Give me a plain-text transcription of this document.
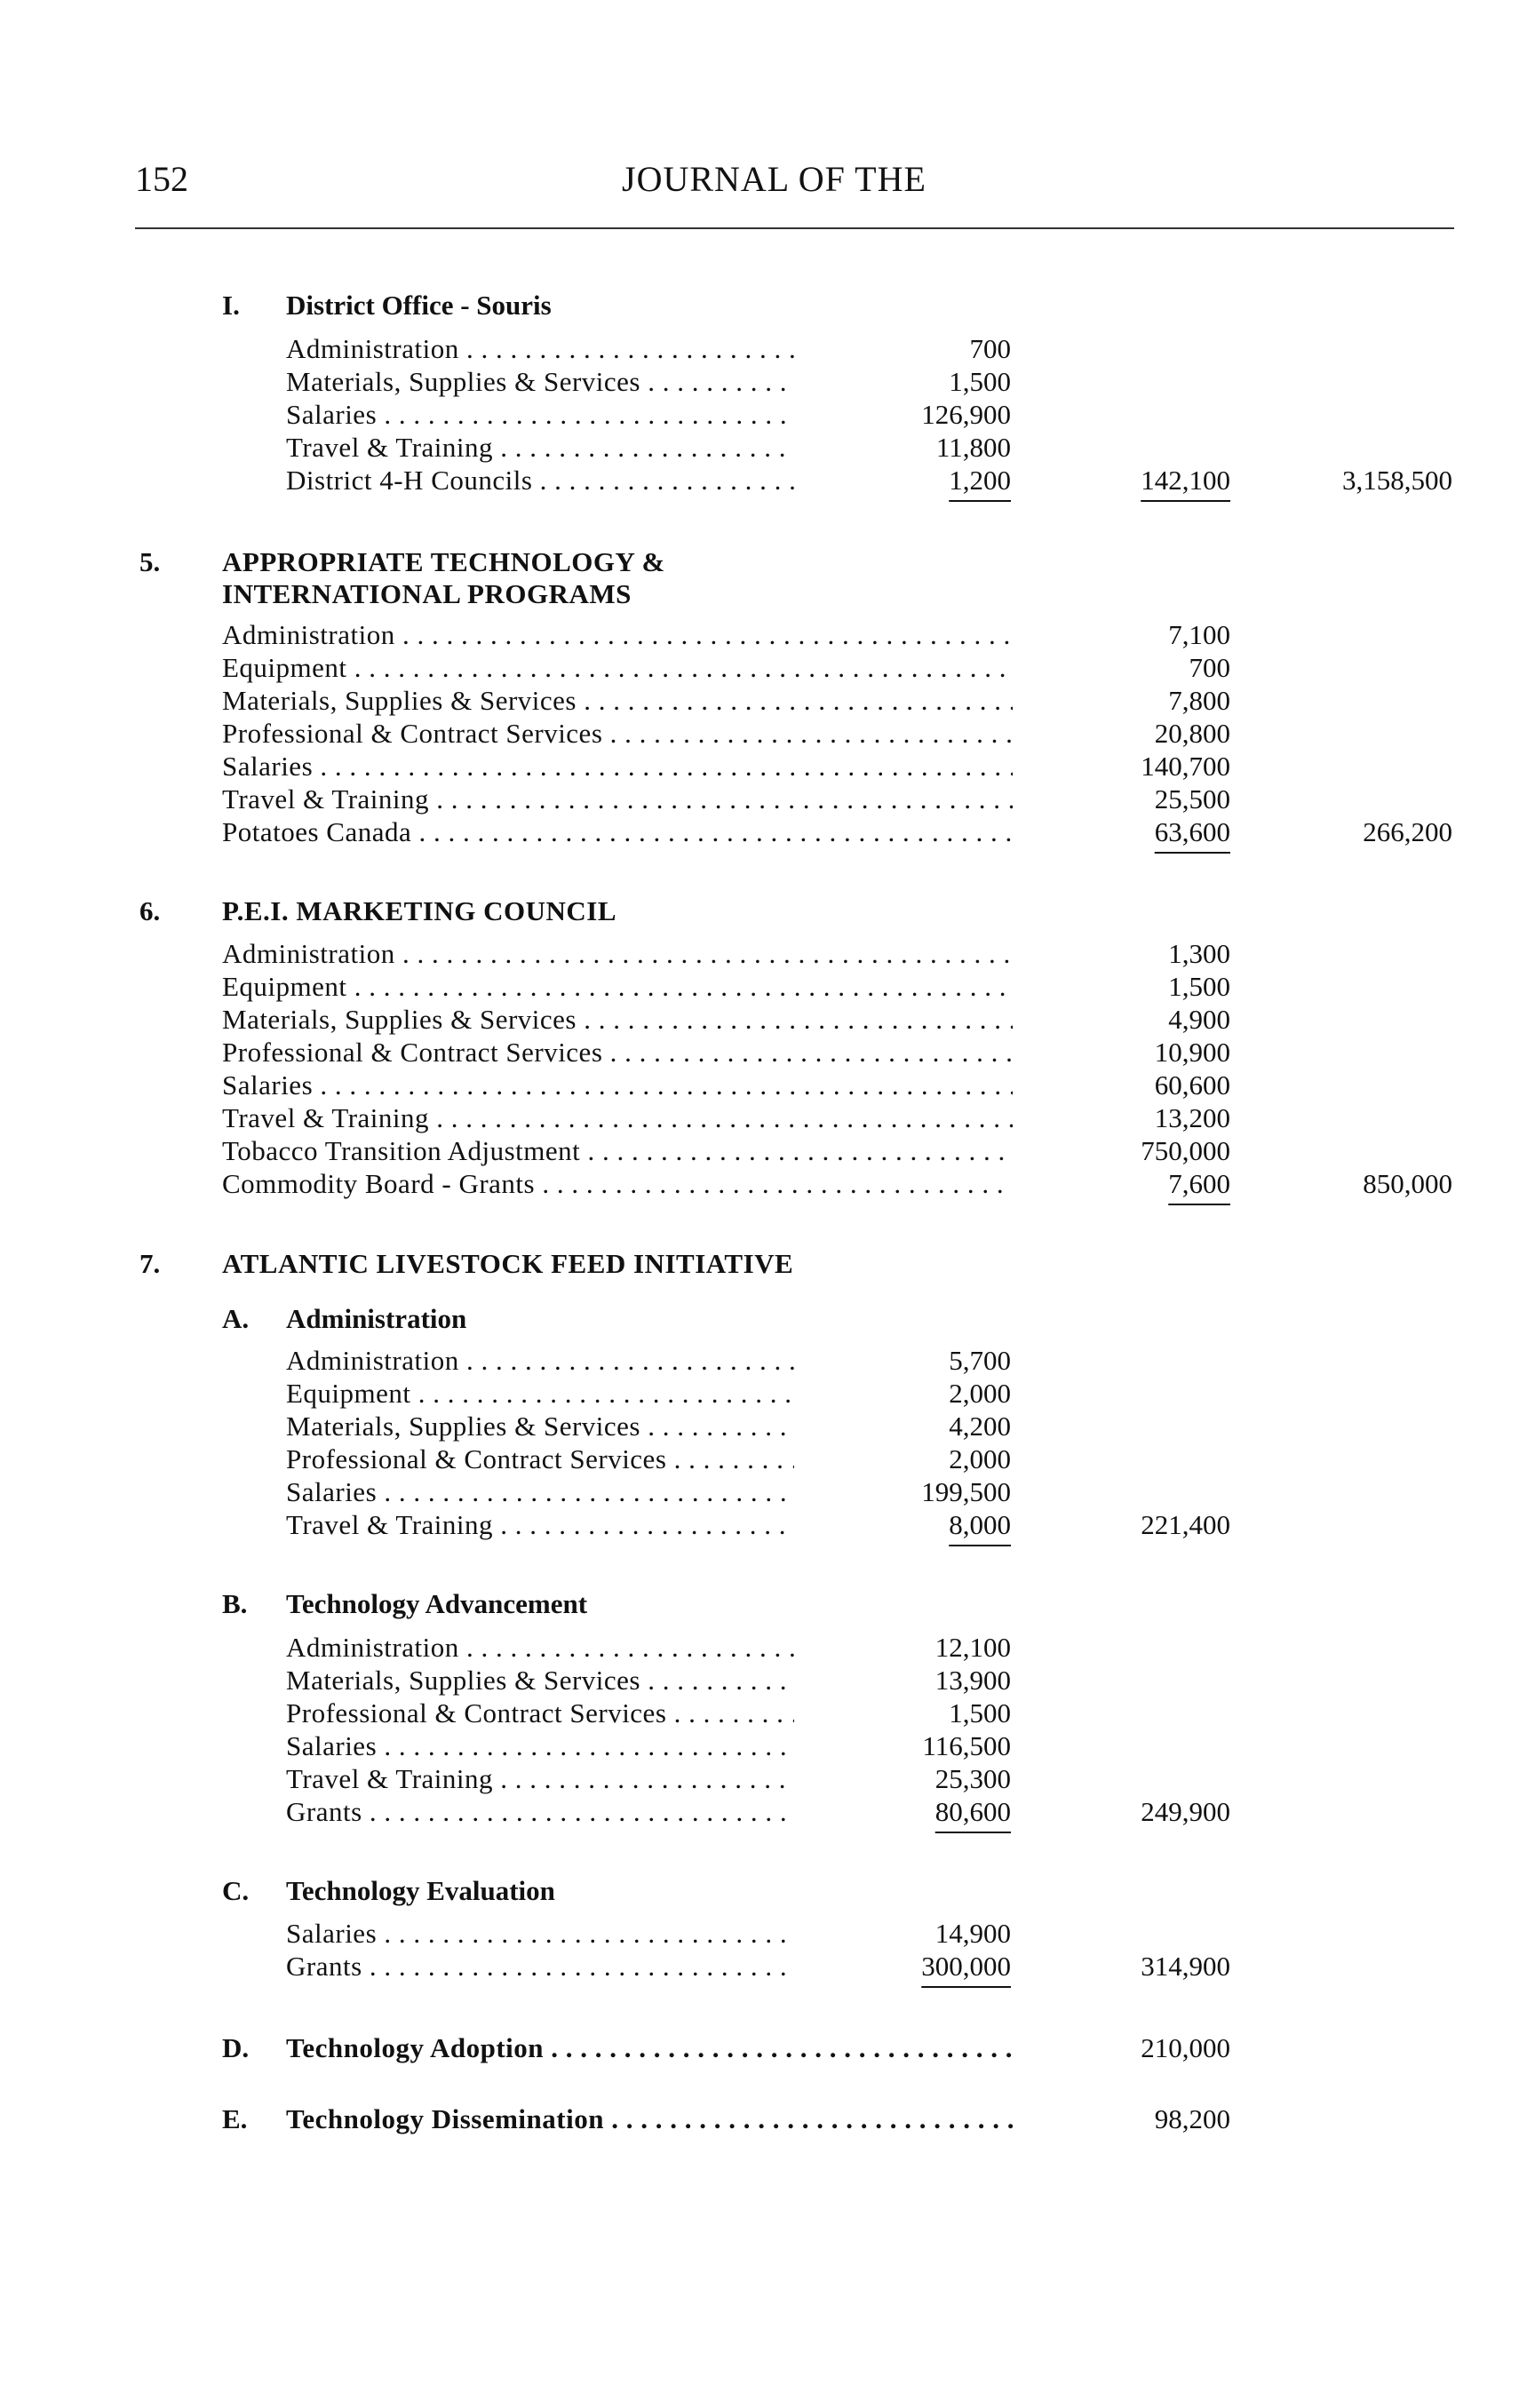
152	JOURNAL OF THE
I. District Office - Souris
Administration . . .	700
Materials, Supplies & Services . . .	1,500
Salaries . . .	126,900
Travel & Training . . .	11,800
District 4-H Councils . . .	1,200	142,100	3,158,500
5. APPROPRIATE TECHNOLOGY &
INTERNATIONAL PROGRAMS
Administration . . .	7,100
Equipment . . .	700
Materials, Supplies & Services . . .	7,800
Professional & Contract Services . . .	20,800
Salaries . . .	140,700
Travel & Training . . .	25,500
Potatoes Canada . . .	63,600	266,200
6. P.E.I. MARKETING COUNCIL
Administration . . .	1,300
Equipment . . .	1,500
Materials, Supplies & Services . . .	4,900
Professional & Contract Services . . .	10,900
Salaries . . .	60,600
Travel & Training . . .	13,200
Tobacco Transition Adjustment . . .	750,000
Commodity Board - Grants . . .	7,600	850,000
7. ATLANTIC LIVESTOCK FEED INITIATIVE
A. Administration
Administration . . .	5,700
Equipment . . .	2,000
Materials, Supplies & Services . . .	4,200
Professional & Contract Services . . .	2,000
Salaries . . .	199,500
Travel & Training . . .	8,000	221,400
B. Technology Advancement
Administration . . .	12,100
Materials, Supplies & Services . . .	13,900
Professional & Contract Services . . .	1,500
Salaries . . .	116,500
Travel & Training . . .	25,300
Grants . . .	80,600	249,900
C. Technology Evaluation
Salaries . . .	14,900
Grants . . .	300,000	314,900
D. Technology Adoption . . .	210,000
E. Technology Dissemination . . .	98,200
